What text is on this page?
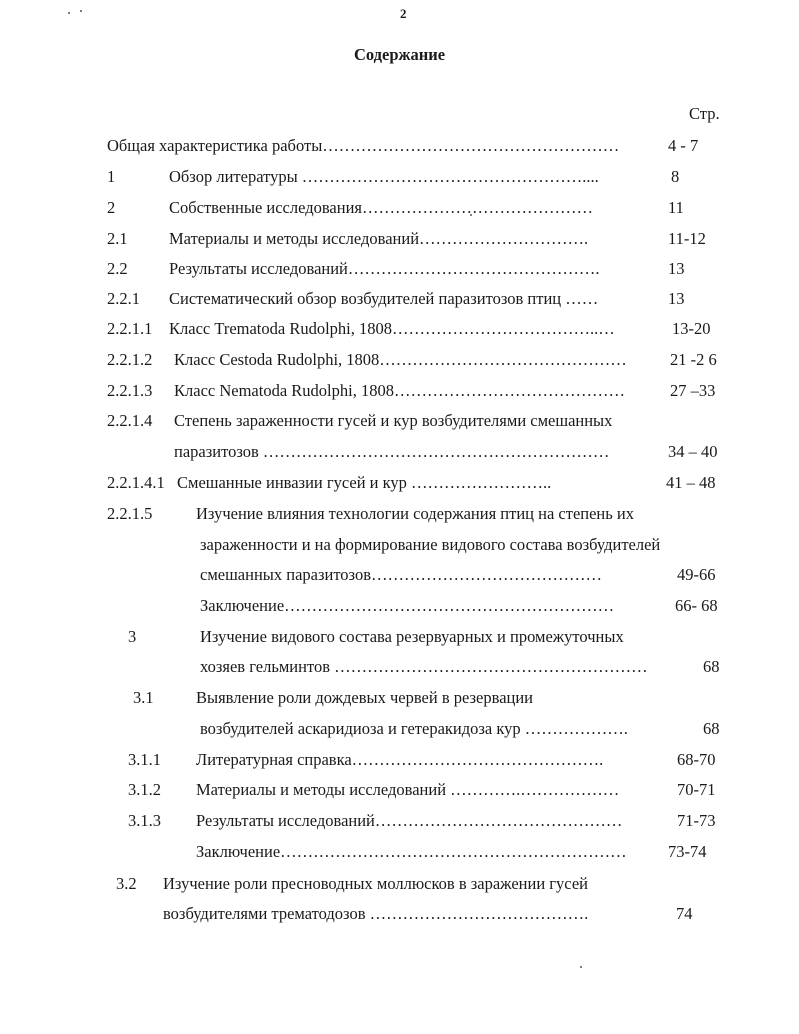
2
Содержание
Стр.
Общая характеристика работы………………………………………………	4 - 7
1	Обзор литературы ……………………………………………....	8
2	Собственные исследования……………………………………	11
2.1	Материалы и методы исследований………………………….	11-12
2.2	Результаты исследований……………………………………….	13
2.2.1 Систематический обзор возбудителей паразитозов птиц ……	13
2.2.1.1 Класс Trematoda Rudolphi, 1808………………………………..…	13-20
2.2.1.2 Класс Cestoda Rudolphi, 1808………………………………………	21 -2 6
2.2.1.3 Класс Nematoda Rudolphi, 1808……………………………………	27 –33
2.2.1.4 Степень зараженности гусей и кур возбудителями смешанных
паразитозов ………………………………………………………	34 – 40
2.2.1.4.1 Смешанные инвазии гусей и кур ……………………..	41 – 48
2.2.1.5	Изучение влияния технологии содержания птиц на степень их
зараженности и на формирование видового состава возбудителей
смешанных паразитозов……………………………………	49-66
Заключение……………………………………………………	66- 68
3	Изучение видового состава резервуарных и промежуточных
хозяев гельминтов …………………………………………………	68
3.1	Выявление роли дождевых червей в резервации
возбудителей аскаридиоза и гетеракидоза кур ……………….	68
3.1.1 Литературная справка……………………………………….	68-70
3.1.2 Материалы и методы исследований ………….………………	70-71
3.1.3 Результаты исследований………………………………………	71-73
Заключение………………………………………………………	73-74
3.2 Изучение роли пресноводных моллюсков в заражении гусей
возбудителями трематодозов ………………………………….	74
